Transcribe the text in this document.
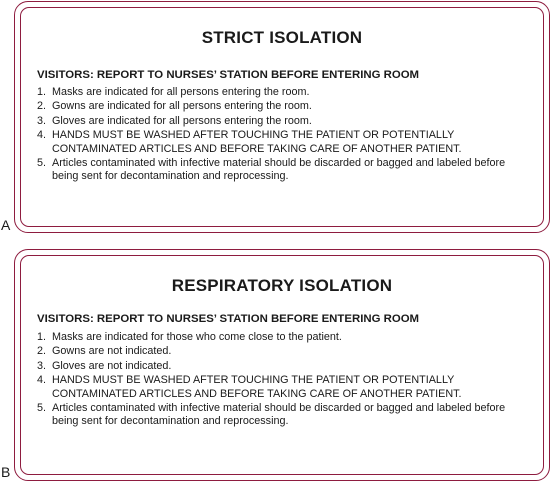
STRICT ISOLATION

VISITORS: REPORT TO NURSES’ STATION BEFORE ENTERING ROOM

1. Masks are indicated for all persons entering the room.
2. Gowns are indicated for all persons entering the room.
3. Gloves are indicated for all persons entering the room.
4. HANDS MUST BE WASHED AFTER TOUCHING THE PATIENT OR POTENTIALLY CONTAMINATED ARTICLES AND BEFORE TAKING CARE OF ANOTHER PATIENT.
5. Articles contaminated with infective material should be discarded or bagged and labeled before being sent for decontamination and reprocessing.
A
RESPIRATORY ISOLATION

VISITORS: REPORT TO NURSES’ STATION BEFORE ENTERING ROOM

1. Masks are indicated for those who come close to the patient.
2. Gowns are not indicated.
3. Gloves are not indicated.
4. HANDS MUST BE WASHED AFTER TOUCHING THE PATIENT OR POTENTIALLY CONTAMINATED ARTICLES AND BEFORE TAKING CARE OF ANOTHER PATIENT.
5. Articles contaminated with infective material should be discarded or bagged and labeled before being sent for decontamination and reprocessing.
B
